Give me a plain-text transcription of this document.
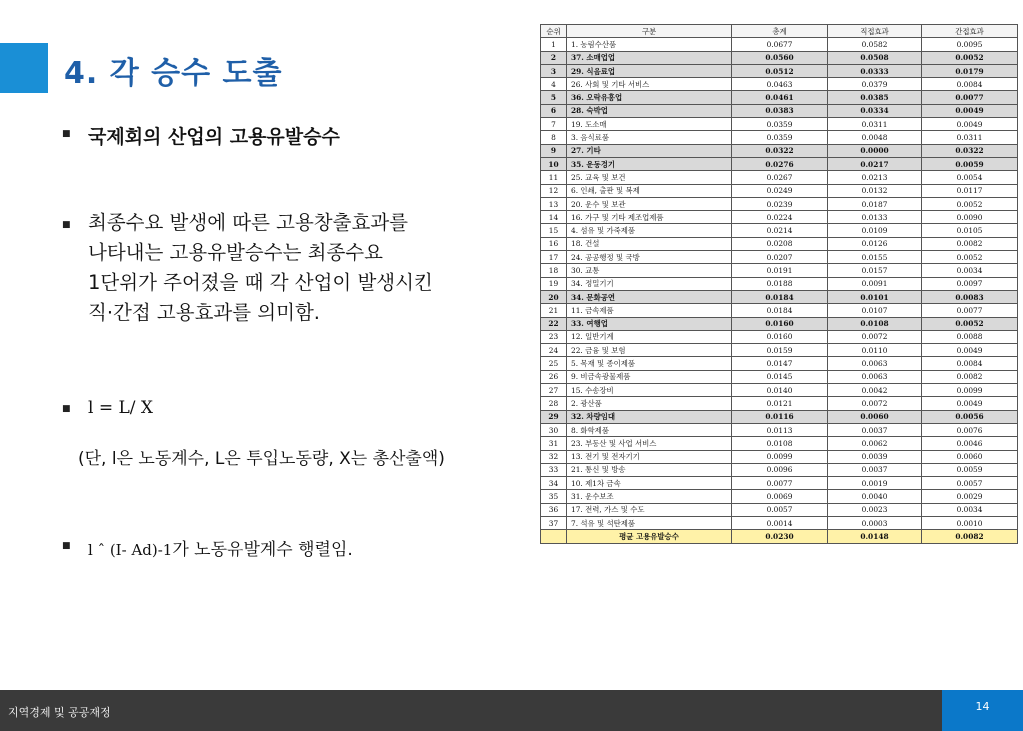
4. 각 승수 도출
■ 국제회의 산업의 고용유발승수
■ 최종수요 발생에 따른 고용창출효과를
나타내는 고용유발승수는 최종수요
1단위가 주어졌을 때 각 산업이 발생시킨
직·간접 고용효과를 의미함.
■ l = L/ X
(단, l은 노동계수, L은 투입노동량, X는 총산출액)
■ l ˆ (I- Ad)-1가 노동유발계수 행렬임.
순위	구분	총계	직접효과	간접효과
1	1. 농림수산품	0.0677	0.0582	0.0095
2	37. 소매업업	0.0560	0.0508	0.0052
3	29. 식음료업	0.0512	0.0333	0.0179
4	26. 사회 및 기타 서비스	0.0463	0.0379	0.0084
5	36. 오락유흥업	0.0461	0.0385	0.0077
6	28. 숙박업	0.0383	0.0334	0.0049
7	19. 도소매	0.0359	0.0311	0.0049
8	3. 음식료품	0.0359	0.0048	0.0311
9	27. 기타	0.0322	0.0000	0.0322
10	35. 운동경기	0.0276	0.0217	0.0059
11	25. 교육 및 보건	0.0267	0.0213	0.0054
12	6. 인쇄, 출판 및 복제	0.0249	0.0132	0.0117
13	20. 운수 및 보관	0.0239	0.0187	0.0052
14	16. 가구 및 기타 제조업제품	0.0224	0.0133	0.0090
15	4. 섬유 및 가죽제품	0.0214	0.0109	0.0105
16	18. 건설	0.0208	0.0126	0.0082
17	24. 공공행정 및 국방	0.0207	0.0155	0.0052
18	30. 교통	0.0191	0.0157	0.0034
19	34. 정밀기기	0.0188	0.0091	0.0097
20	34. 문화공연	0.0184	0.0101	0.0083
21	11. 금속제품	0.0184	0.0107	0.0077
22	33. 여행업	0.0160	0.0108	0.0052
23	12. 일반기계	0.0160	0.0072	0.0088
24	22. 금융 및 보험	0.0159	0.0110	0.0049
25	5. 목재 및 종이제품	0.0147	0.0063	0.0084
26	9. 비금속광물제품	0.0145	0.0063	0.0082
27	15. 수송장비	0.0140	0.0042	0.0099
28	2. 광산품	0.0121	0.0072	0.0049
29	32. 차량임대	0.0116	0.0060	0.0056
30	8. 화학제품	0.0113	0.0037	0.0076
31	23. 부동산 및 사업 서비스	0.0108	0.0062	0.0046
32	13. 전기 및 전자기기	0.0099	0.0039	0.0060
33	21. 통신 및 방송	0.0096	0.0037	0.0059
34	10. 제1차 금속	0.0077	0.0019	0.0057
35	31. 운수보조	0.0069	0.0040	0.0029
36	17. 전력, 가스 및 수도	0.0057	0.0023	0.0034
37	7. 석유 및 석탄제품	0.0014	0.0003	0.0010
	평균 고용유발승수	0.0230	0.0148	0.0082
지역경제 및 공공재정	14
